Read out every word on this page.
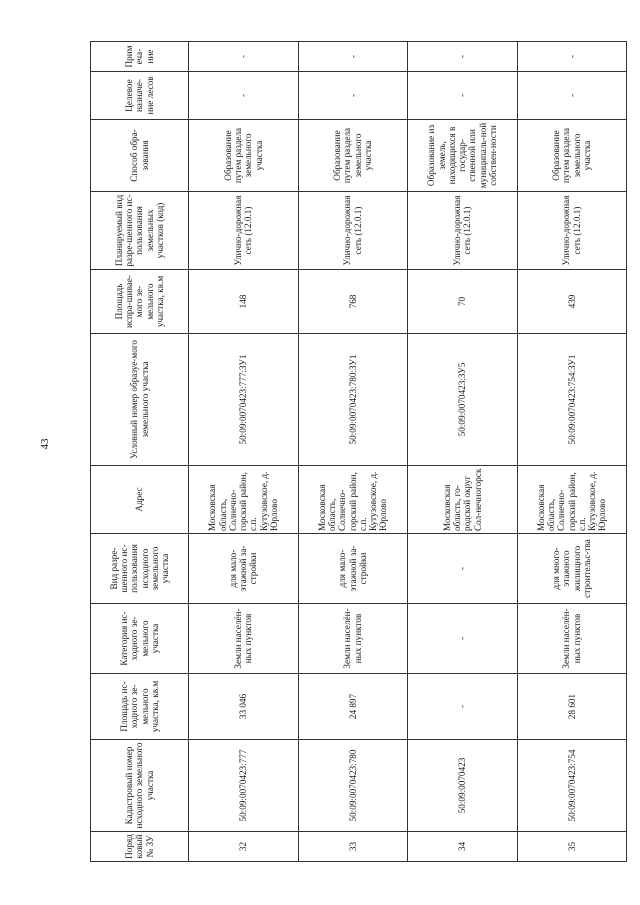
43
Порядковый № ЗУ	Кадастровый номер исходного земельного участка	Площадь ис-ходного зе-мельного участка, кв.м	Категория ис-ходного зе-мельного участка	Вид разре-шенного ис-пользования исходного земельного участка	Адрес	Условный номер образуе-мого земельного участка	Площадь испра-шивае-мого зе-мельного участка, кв.м	Планируемый вид разре-шенного ис-пользования земельных участков (код)	Способ обра-зования	Целевое назначе-ние лесов	Примеча-ние
32	50:09:0070423:777	33 046	Земли населён-ных пунктов	для мало-этажной за-стройки	Московская область, Солнечно-горский район, с.п. Кутузовское, д. Юрлово	50:09:0070423:777:ЗУ1	148	Улично-дорожная сеть (12.0.1)	Образование путем раздела земельного участка	-	-
33	50:09:0070423:780	24 897	Земли населён-ных пунктов	для мало-этажной за-стройки	Московская область, Солнечно-горский район, с.п. Кутузовское, д. Юрлово	50:09:0070423:780:ЗУ1	768	Улично-дорожная сеть (12.0.1)	Образование путем раздела земельного участка	-	-
34	50:09:0070423	-	-	-	Московская область, го-родской округ Сол-нечногорск	50:09:0070423:ЗУ5	70	Улично-дорожная сеть (12.0.1)	Образование из земель, находящихся в государ-ственной или муниципаль-ной собствен-ности	-	-
35	50:09:0070423:754	28 601	Земли населён-ных пунктов	для много-этажного жилищного строительс-тва	Московская область, Солнечно-горский район, с.п. Кутузовское, д. Юрлово	50:09:0070423:754:ЗУ1	439	Улично-дорожная сеть (12.0.1)	Образование путем раздела земельного участка	-	-
